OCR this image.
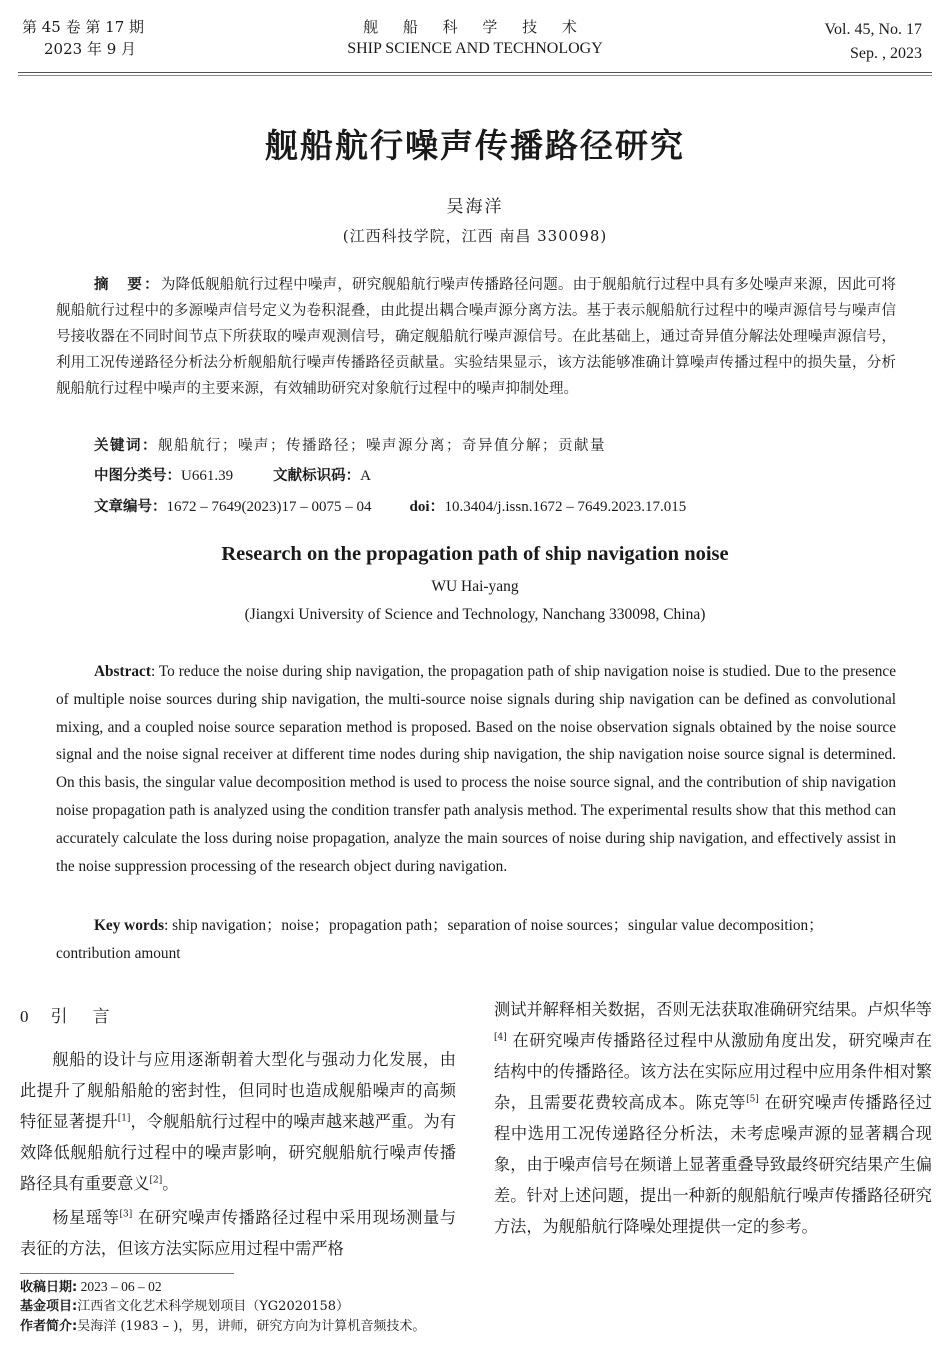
第 45 卷 第 17 期
2023 年 9 月
舰 船 科 学 技 术
SHIP SCIENCE AND TECHNOLOGY
Vol. 45, No. 17
Sep. , 2023
舰船航行噪声传播路径研究
吴海洋
(江西科技学院，江西 南昌 330098)
摘　要：为降低舰船航行过程中噪声，研究舰船航行噪声传播路径问题。由于舰船航行过程中具有多处噪声来源，因此可将舰船航行过程中的多源噪声信号定义为卷积混叠，由此提出耦合噪声源分离方法。基于表示舰船航行过程中的噪声源信号与噪声信号接收器在不同时间节点下所获取的噪声观测信号，确定舰船航行噪声源信号。在此基础上，通过奇异值分解法处理噪声源信号，利用工况传递路径分析法分析舰船航行噪声传播路径贡献量。实验结果显示，该方法能够准确计算噪声传播过程中的损失量，分析舰船航行过程中噪声的主要来源，有效辅助研究对象航行过程中的噪声抑制处理。
关键词：舰船航行；噪声；传播路径；噪声源分离；奇异值分解；贡献量
中图分类号：U661.39	文献标识码：A
文章编号：1672 – 7649(2023)17 – 0075 – 04	doi：10.3404/j.issn.1672 – 7649.2023.17.015
Research on the propagation path of ship navigation noise
WU Hai-yang
(Jiangxi University of Science and Technology, Nanchang 330098, China)
Abstract: To reduce the noise during ship navigation, the propagation path of ship navigation noise is studied. Due to the presence of multiple noise sources during ship navigation, the multi-source noise signals during ship navigation can be defined as convolutional mixing, and a coupled noise source separation method is proposed. Based on the noise observation signals obtained by the noise source signal and the noise signal receiver at different time nodes during ship navigation, the ship navigation noise source signal is determined. On this basis, the singular value decomposition method is used to process the noise source signal, and the contribution of ship navigation noise propagation path is analyzed using the condition transfer path analysis method. The experimental results show that this method can accurately calculate the loss during noise propagation, analyze the main sources of noise during ship navigation, and effectively assist in the noise suppression processing of the research object during navigation.
Key words: ship navigation；noise；propagation path；separation of noise sources；singular value decomposition；contribution amount
0 引　言

舰船的设计与应用逐渐朝着大型化与强动力化发展，由此提升了舰船船舱的密封性，但同时也造成舰船噪声的高频特征显著提升[1]，令舰船航行过程中的噪声越来越严重。为有效降低舰船航行过程中的噪声影响，研究舰船航行噪声传播路径具有重要意义[2]。

杨星瑶等[3] 在研究噪声传播路径过程中采用现场测量与表征的方法，但该方法实际应用过程中需严格

测试并解释相关数据，否则无法获取准确研究结果。卢炽华等[4] 在研究噪声传播路径过程中从激励角度出发，研究噪声在结构中的传播路径。该方法在实际应用过程中应用条件相对繁杂，且需要花费较高成本。陈克等[5] 在研究噪声传播路径过程中选用工况传递路径分析法，未考虑噪声源的显著耦合现象，由于噪声信号在频谱上显著重叠导致最终研究结果产生偏差。针对上述问题，提出一种新的舰船航行噪声传播路径研究方法，为舰船航行降噪处理提供一定的参考。

收稿日期: 2023 – 06 – 02
基金项目:江西省文化艺术科学规划项目（YG2020158）
作者简介:吴海洋 (1983 – )，男，讲师，研究方向为计算机音频技术。
